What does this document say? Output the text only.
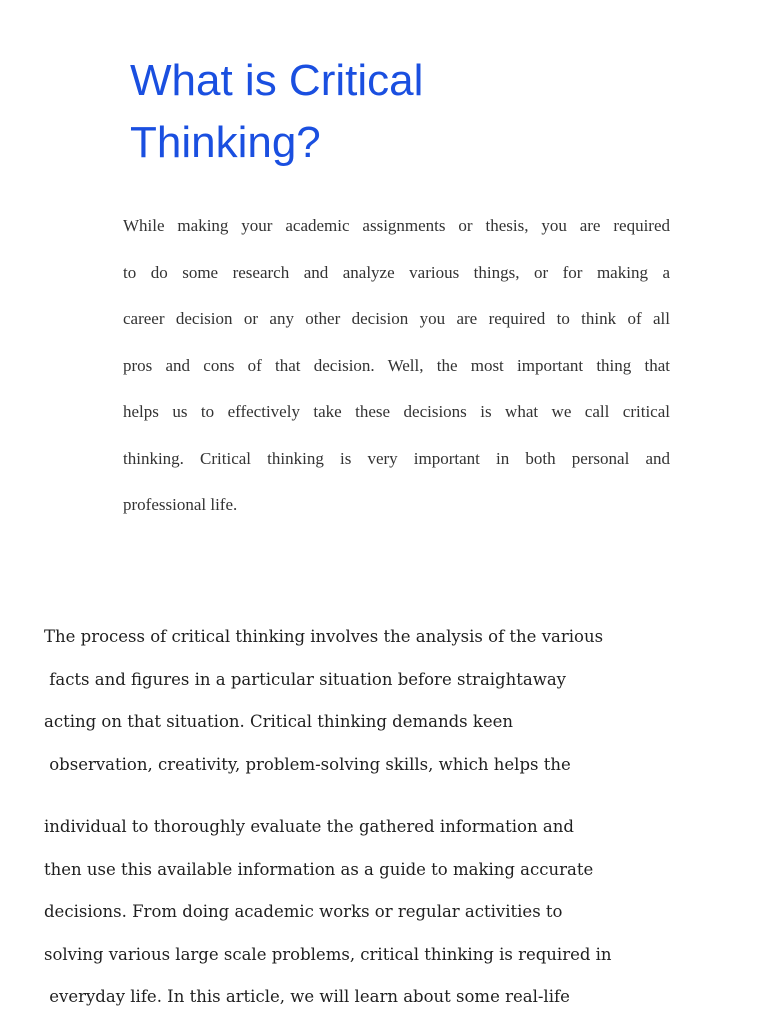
What is Critical Thinking?

While making your academic assignments or thesis, you are required

to do some research and analyze various things, or for making a

career decision or any other decision you are required to think of all

pros and cons of that decision. Well, the most important thing that

helps us to effectively take these decisions is what we call critical

thinking. Critical thinking is very important in both personal and

professional life.

The process of critical thinking involves the analysis of the various

facts and figures in a particular situation before straightaway

acting on that situation. Critical thinking demands keen

observation, creativity, problem-solving skills, which helps the

individual to thoroughly evaluate the gathered information and

then use this available information as a guide to making accurate

decisions. From doing academic works or regular activities to

solving various large scale problems, critical thinking is required in

everyday life. In this article, we will learn about some real-life
